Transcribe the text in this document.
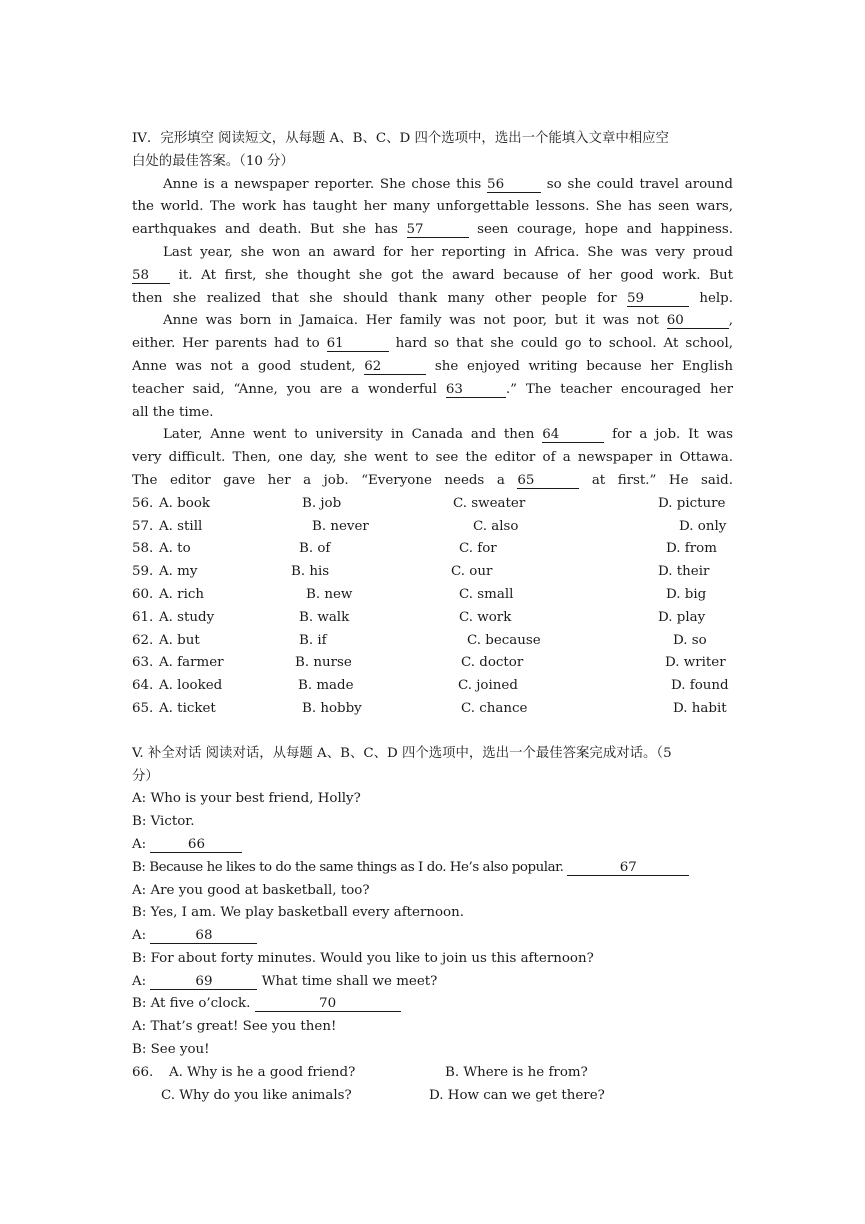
IV．完形填空 阅读短文，从每题 A、B、C、D 四个选项中，选出一个能填入文章中相应空
白处的最佳答案。（10 分）
Anne is a newspaper reporter. She chose this 56	so she could travel around
the world. The work has taught her many unforgettable lessons. She has seen wars,
earthquakes and death. But she has 57	seen courage, hope and happiness.
Last year, she won an award for her reporting in Africa. She was very proud
58 it. At first, she thought she got the award because of her good work. But
then she realized that she should thank many other people for 59	help.
Anne was born in Jamaica. Her family was not poor, but it was not 60	,
either. Her parents had to 61	hard so that she could go to school. At school,
Anne was not a good student, 62	she enjoyed writing because her English
teacher said, “Anne, you are a wonderful 63	.” The teacher encouraged her
all the time.
Later, Anne went to university in Canada and then 64	for a job. It was
very difficult. Then, one day, she went to see the editor of a newspaper in Ottawa.
The editor gave her a job. “Everyone needs a 65	at first.” He said.
56. A. book	B. job	C. sweater	D. picture
57. A. still	B. never	C. also	D. only
58. A. to	B. of	C. for	D. from
59. A. my	B. his	C. our	D. their
60. A. rich	B. new	C. small	D. big
61. A. study	B. walk	C. work	D. play
62. A. but	B. if	C. because	D. so
63. A. farmer	B. nurse	C. doctor	D. writer
64. A. looked	B. made	C. joined	D. found
65. A. ticket	B. hobby	C. chance	D. habit
V. 补全对话 阅读对话，从每题 A、B、C、D 四个选项中，选出一个最佳答案完成对话。（5
分）
A: Who is your best friend, Holly?
B: Victor.
A:	66
B: Because he likes to do the same things as I do. He’s also popular.	67
A: Are you good at basketball, too?
B: Yes, I am. We play basketball every afternoon.
A:	68
B: For about forty minutes. Would you like to join us this afternoon?
A:	69	What time shall we meet?
B: At five o’clock.	70
A: That’s great! See you then!
B: See you!
66. A. Why is he a good friend?	B. Where is he from?
C. Why do you like animals?	D. How can we get there?
